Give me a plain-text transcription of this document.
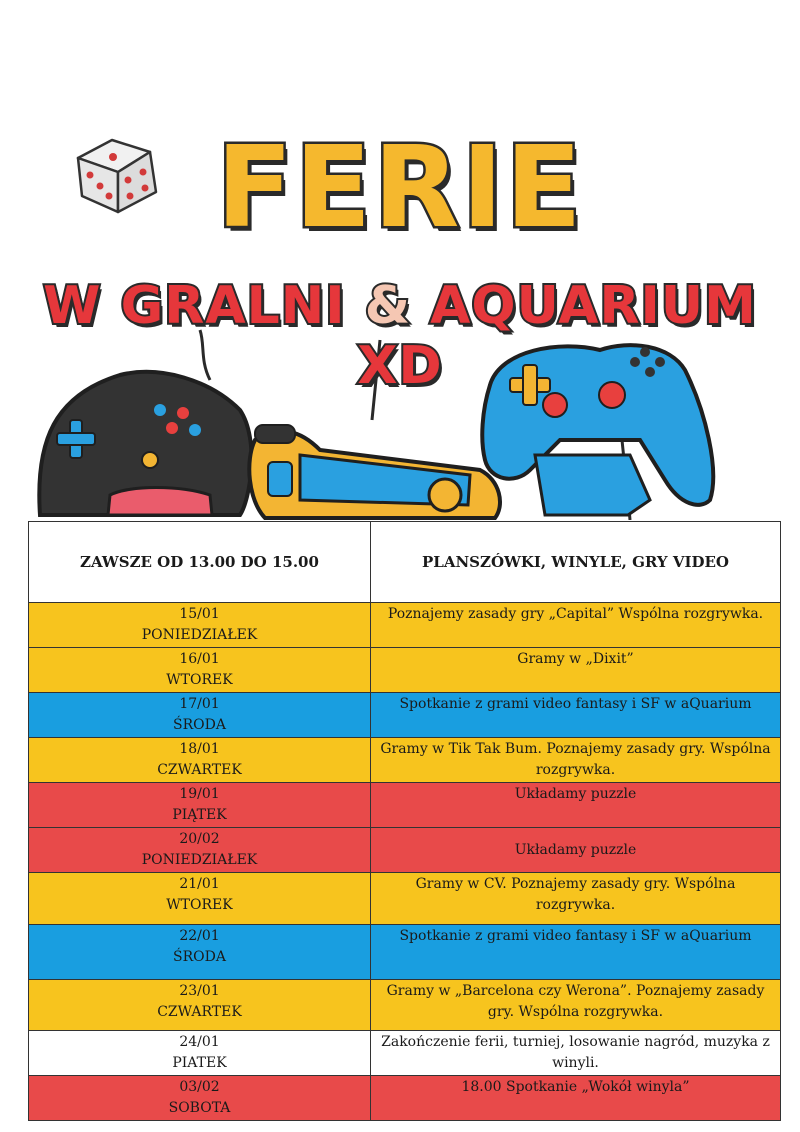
FERIE
W GRALNI & AQUARIUM XD
ZAWSZE OD 13.00 DO 15.00	PLANSZÓWKI, WINYLE, GRY VIDEO

15/01
PONIEDZIAŁEK	Poznajemy zasady gry „Capital” Wspólna rozgrywka.

16/01
WTOREK	Gramy w „Dixit”

17/01
ŚRODA	Spotkanie z grami video fantasy i SF w aQuarium

18/01
CZWARTEK	Gramy w Tik Tak Bum. Poznajemy zasady gry. Wspólna rozgrywka.

19/01
PIĄTEK	Układamy puzzle

20/02
PONIEDZIAŁEK	Układamy puzzle

21/01
WTOREK	Gramy w CV. Poznajemy zasady gry. Wspólna rozgrywka.

22/01
ŚRODA	Spotkanie z grami video fantasy i SF w aQuarium

23/01
CZWARTEK	Gramy w „Barcelona czy Werona”. Poznajemy zasady gry. Wspólna rozgrywka.

24/01
PIATEK	Zakończenie ferii, turniej, losowanie nagród, muzyka z winyli.

03/02
SOBOTA	18.00 Spotkanie „Wokół winyla”
